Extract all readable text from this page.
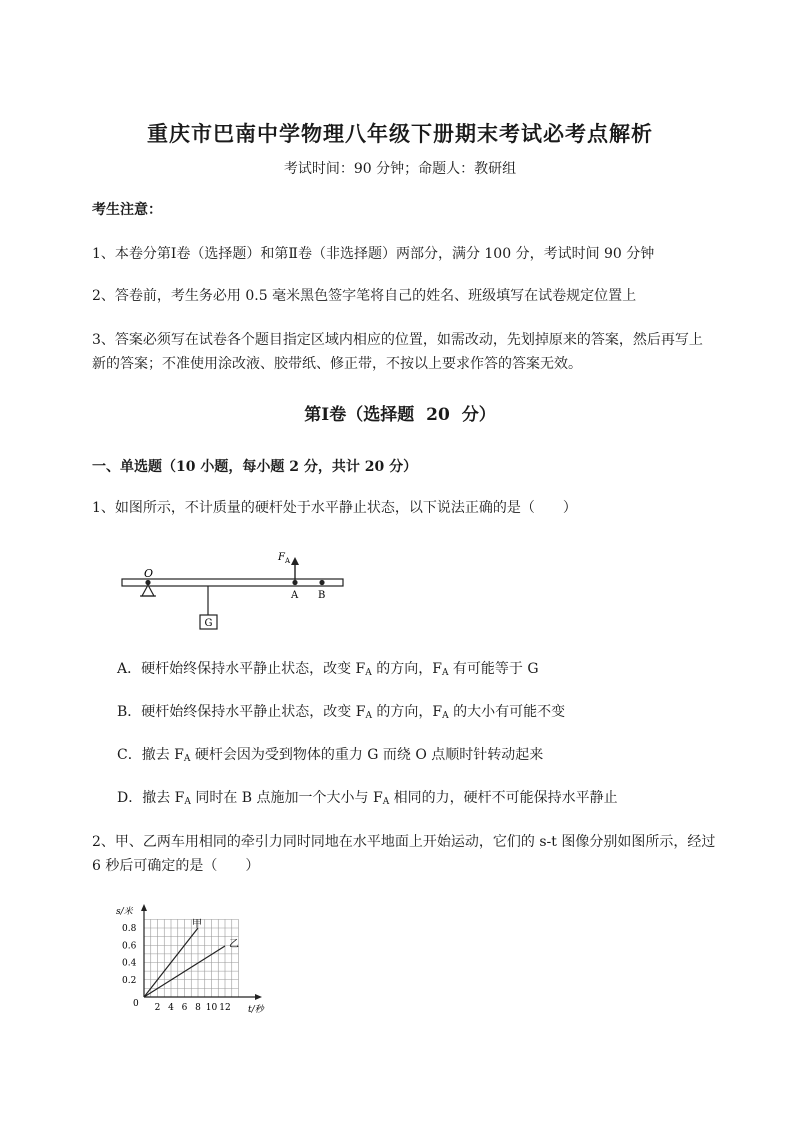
重庆市巴南中学物理八年级下册期末考试必考点解析
考试时间：90 分钟；命题人：教研组
考生注意：
1、本卷分第Ⅰ卷（选择题）和第Ⅱ卷（非选择题）两部分，满分 100 分，考试时间 90 分钟
2、答卷前，考生务必用 0.5 毫米黑色签字笔将自己的姓名、班级填写在试卷规定位置上
3、答案必须写在试卷各个题目指定区域内相应的位置，如需改动，先划掉原来的答案，然后再写上新的答案；不准使用涂改液、胶带纸、修正带，不按以上要求作答的答案无效。
第Ⅰ卷（选择题 20 分）
一、单选题（10 小题，每小题 2 分，共计 20 分）
1、如图所示，不计质量的硬杆处于水平静止状态，以下说法正确的是（　　）
O
G
F A
A B
A．硬杆始终保持水平静止状态，改变 $F_A$ 的方向，$F_A$ 有可能等于 G
B．硬杆始终保持水平静止状态，改变 $F_A$ 的方向，$F_A$ 的大小有可能不变
C．撤去 $F_A$ 硬杆会因为受到物体的重力 G 而绕 O 点顺时针转动起来
D．撤去 $F_A$ 同时在 B 点施加一个大小与 $F_A$ 相同的力，硬杆不可能保持水平静止
2、甲、乙两车用相同的牵引力同时同地在水平地面上开始运动，它们的 s-t 图像分别如图所示，经过 6 秒后可确定的是（　　）
s/米
t/秒
0
0.2
0.4
0.6
0.8
2 4 6 8 10 12
甲
乙
